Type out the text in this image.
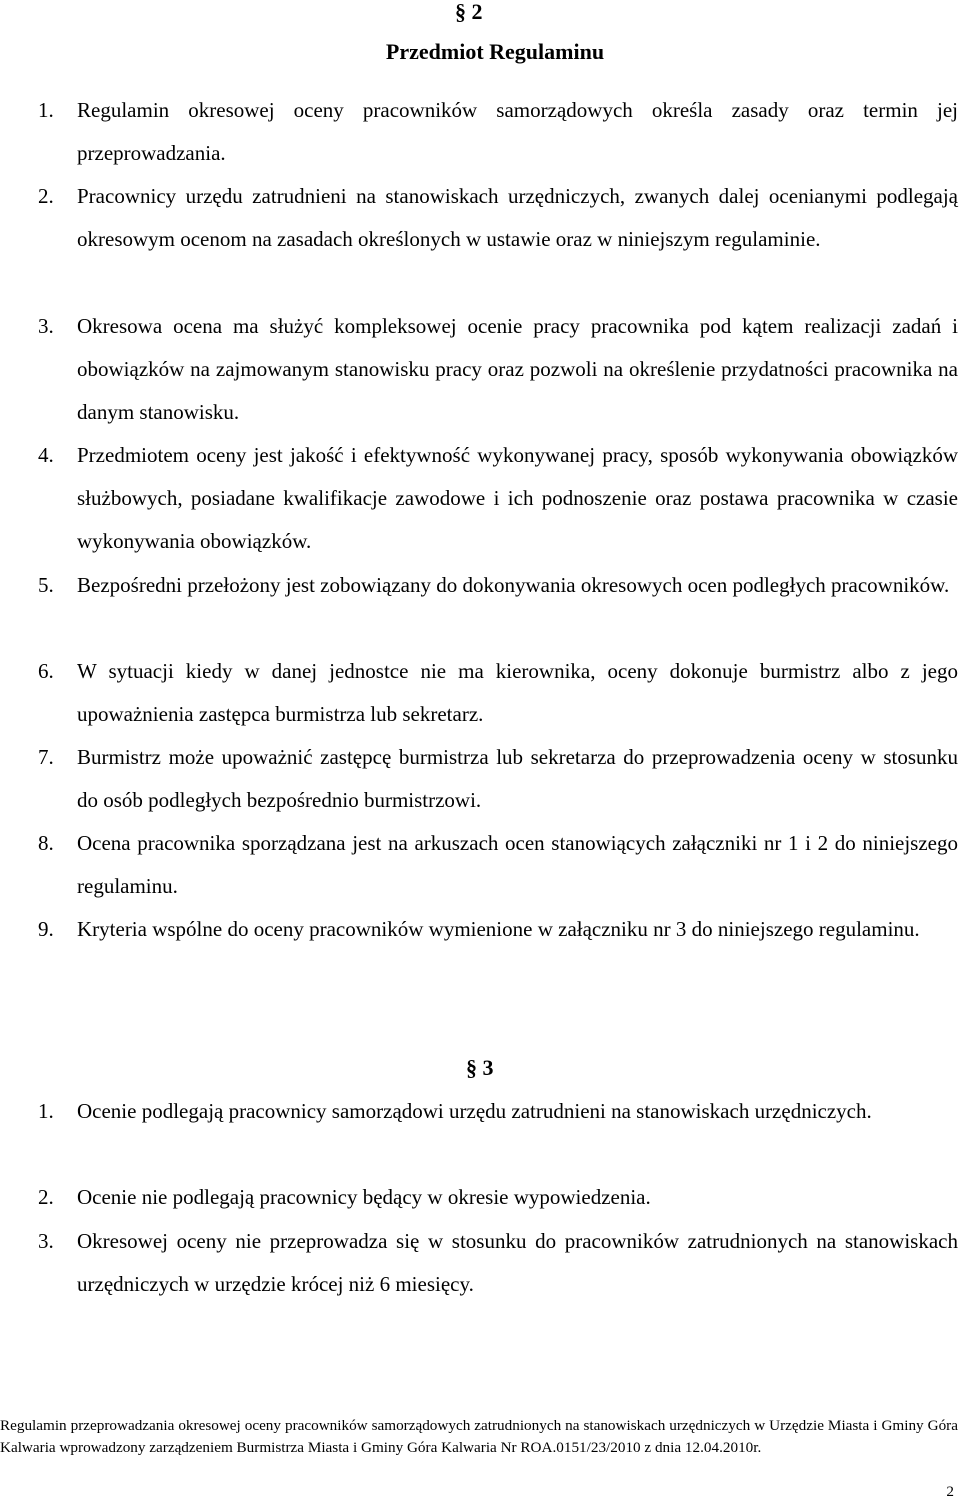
§ 2
Przedmiot Regulaminu
1.	Regulamin okresowej oceny pracowników samorządowych określa zasady oraz termin jej przeprowadzania.
2.	Pracownicy urzędu zatrudnieni na stanowiskach urzędniczych, zwanych dalej ocenianymi podlegają okresowym ocenom na zasadach określonych w ustawie oraz w niniejszym regulaminie.
3.	Okresowa ocena ma służyć kompleksowej ocenie pracy pracownika pod kątem realizacji zadań i obowiązków na zajmowanym stanowisku pracy oraz pozwoli na określenie przydatności pracownika na danym stanowisku.
4.	Przedmiotem oceny jest jakość i efektywność wykonywanej pracy, sposób wykonywania obowiązków służbowych, posiadane kwalifikacje zawodowe i ich podnoszenie oraz postawa pracownika w czasie wykonywania obowiązków.
5.	Bezpośredni przełożony jest zobowiązany do dokonywania okresowych ocen podległych pracowników.
6.	W sytuacji kiedy w danej jednostce nie ma kierownika, oceny dokonuje burmistrz albo z jego upoważnienia zastępca burmistrza lub sekretarz.
7.	Burmistrz może upoważnić zastępcę burmistrza lub sekretarza do przeprowadzenia oceny w stosunku do osób podległych bezpośrednio burmistrzowi.
8.	Ocena pracownika sporządzana jest na arkuszach ocen stanowiących załączniki nr 1 i 2 do niniejszego regulaminu.
9.	Kryteria wspólne do oceny pracowników wymienione w załączniku nr 3 do niniejszego regulaminu.
§ 3
1.	Ocenie podlegają pracownicy samorządowi urzędu zatrudnieni na stanowiskach urzędniczych.
2.	Ocenie nie podlegają pracownicy będący w okresie wypowiedzenia.
3.	Okresowej oceny nie przeprowadza się w stosunku do pracowników zatrudnionych na stanowiskach urzędniczych w urzędzie krócej niż 6 miesięcy.
Regulamin przeprowadzania okresowej oceny pracowników samorządowych zatrudnionych na stanowiskach urzędniczych w Urzędzie Miasta i Gminy Góra Kalwaria wprowadzony zarządzeniem Burmistrza Miasta i Gminy Góra Kalwaria Nr ROA.0151/23/2010 z dnia 12.04.2010r.
2
